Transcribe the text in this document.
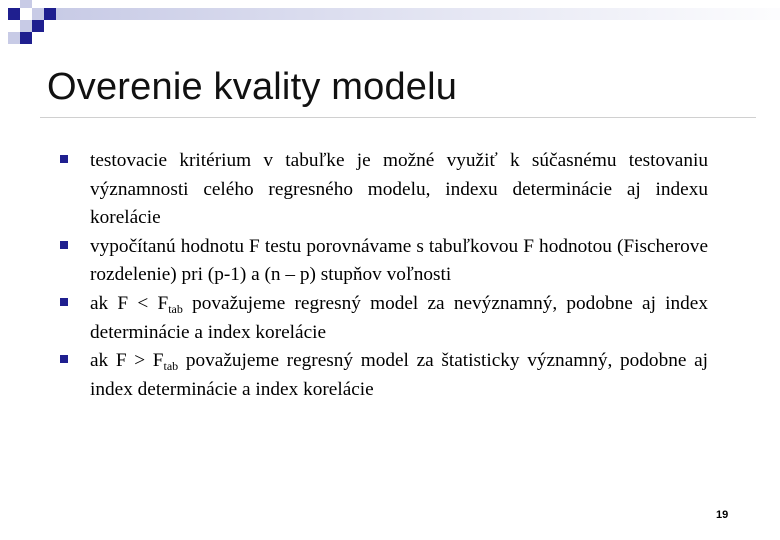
Overenie kvality modelu
testovacie kritérium v tabuľke je možné využiť k súčasnému testovaniu významnosti celého regresného modelu, indexu determinácie aj indexu korelácie
vypočítanú hodnotu F testu porovnávame s tabuľkovou F hodnotou (Fischerove rozdelenie) pri (p-1) a (n – p) stupňov voľnosti
ak $F < F_{tab}$ považujeme regresný model za nevýznamný, podobne aj index determinácie a index korelácie
ak $F > F_{tab}$ považujeme regresný model za štatisticky významný, podobne aj index determinácie a index korelácie
19
